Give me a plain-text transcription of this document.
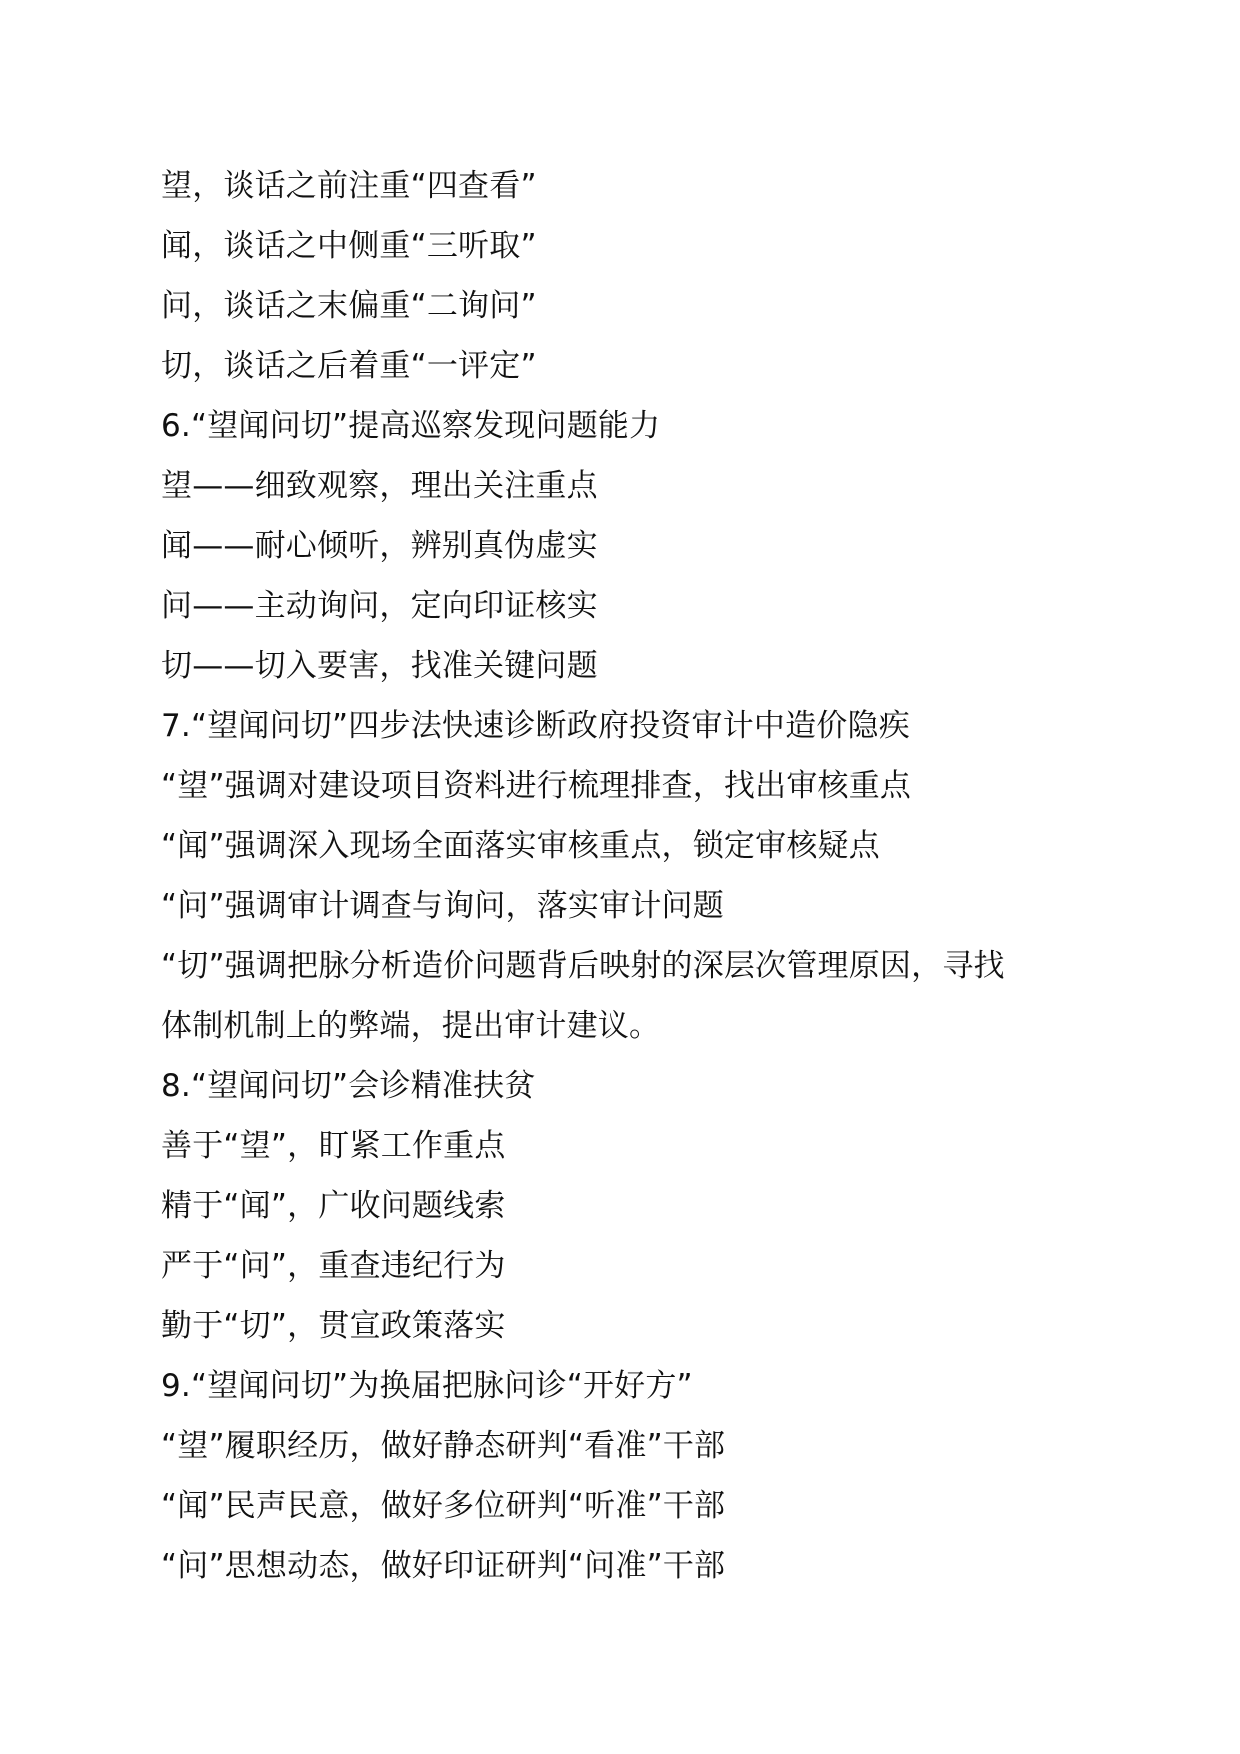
望，谈话之前注重“四查看”
闻，谈话之中侧重“三听取”
问，谈话之末偏重“二询问”
切，谈话之后着重“一评定”
6.“望闻问切”提高巡察发现问题能力
望——细致观察，理出关注重点
闻——耐心倾听，辨别真伪虚实
问——主动询问，定向印证核实
切——切入要害，找准关键问题
7.“望闻问切”四步法快速诊断政府投资审计中造价隐疾
“望”强调对建设项目资料进行梳理排查，找出审核重点
“闻”强调深入现场全面落实审核重点，锁定审核疑点
“问”强调审计调查与询问，落实审计问题
“切”强调把脉分析造价问题背后映射的深层次管理原因，寻找
体制机制上的弊端，提出审计建议。
8.“望闻问切”会诊精准扶贫
善于“望”，盯紧工作重点
精于“闻”，广收问题线索
严于“问”，重查违纪行为
勤于“切”，贯宣政策落实
9.“望闻问切”为换届把脉问诊“开好方”
“望”履职经历，做好静态研判“看准”干部
“闻”民声民意，做好多位研判“听准”干部
“问”思想动态，做好印证研判“问准”干部
